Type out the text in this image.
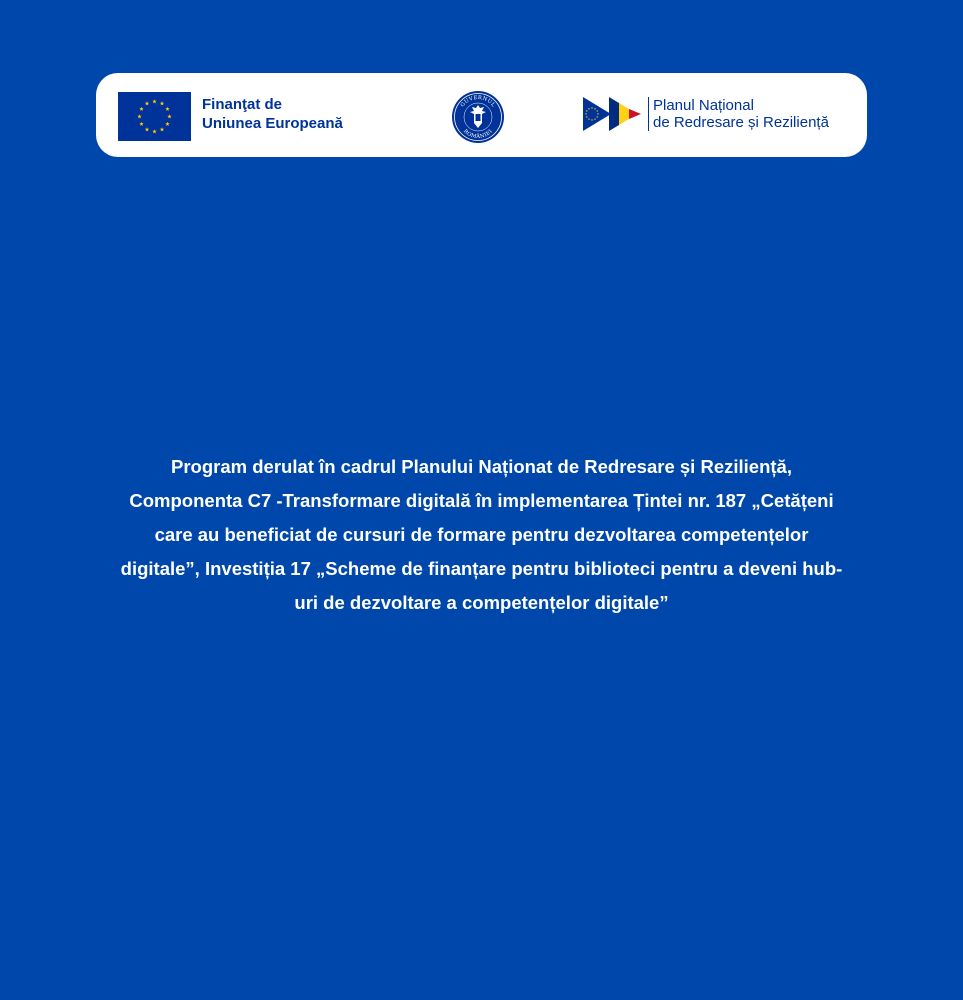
Finanţat de
Uniunea Europeană
GUVERNUL
ROMÂNIEI
Planul Național
de Redresare și Reziliență

Program derulat în cadrul Planului Naționat de Redresare și Reziliență, Componenta C7 -Transformare digitală în implementarea Țintei nr. 187 „Cetățeni care au beneficiat de cursuri de formare pentru dezvoltarea competențelor digitale”, Investiția 17 „Scheme de finanțare pentru biblioteci pentru a deveni hub-uri de dezvoltare a competențelor digitale”
